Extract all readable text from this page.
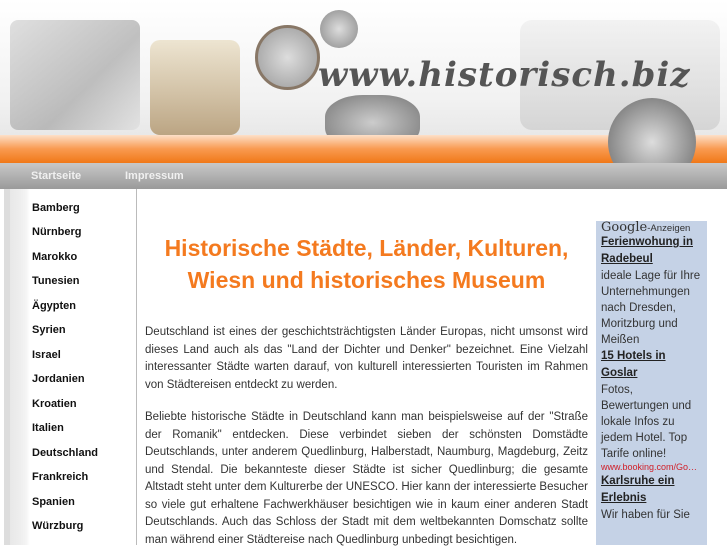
www.historisch.biz
Startseite	Impressum
Bamberg
Nürnberg
Marokko
Tunesien
Ägypten
Syrien
Israel
Jordanien
Kroatien
Italien
Deutschland
Frankreich
Spanien
Würzburg
Historische Städte, Länder, Kulturen,
Wiesn und historisches Museum

Deutschland ist eines der geschichtsträchtigsten Länder Europas, nicht umsonst wird dieses Land auch als das "Land der Dichter und Denker" bezeichnet. Eine Vielzahl interessanter Städte warten darauf, von kulturell interessierten Touristen im Rahmen von Städtereisen entdeckt zu werden.

Beliebte historische Städte in Deutschland kann man beispielsweise auf der "Straße der Romanik" entdecken. Diese verbindet sieben der schönsten Domstädte Deutschlands, unter anderem Quedlinburg, Halberstadt, Naumburg, Magdeburg, Zeitz und Stendal. Die bekannteste dieser Städte ist sicher Quedlinburg; die gesamte Altstadt steht unter dem Kulturerbe der UNESCO. Hier kann der interessierte Besucher so viele gut erhaltene Fachwerkhäuser besichtigen wie in kaum einer anderen Stadt Deutschlands. Auch das Schloss der Stadt mit dem weltbekannten Domschatz sollte man während einer Städtereise nach Quedlinburg unbedingt besichtigen.

Google-Anzeigen
Ferienwohung in Radebeul
ideale Lage für Ihre Unternehmungen nach Dresden, Moritzburg und Meißen
15 Hotels in Goslar
Fotos, Bewertungen und lokale Infos zu jedem Hotel. Top Tarife online!
www.booking.com/Go…
Karlsruhe ein Erlebnis
Wir haben für Sie
